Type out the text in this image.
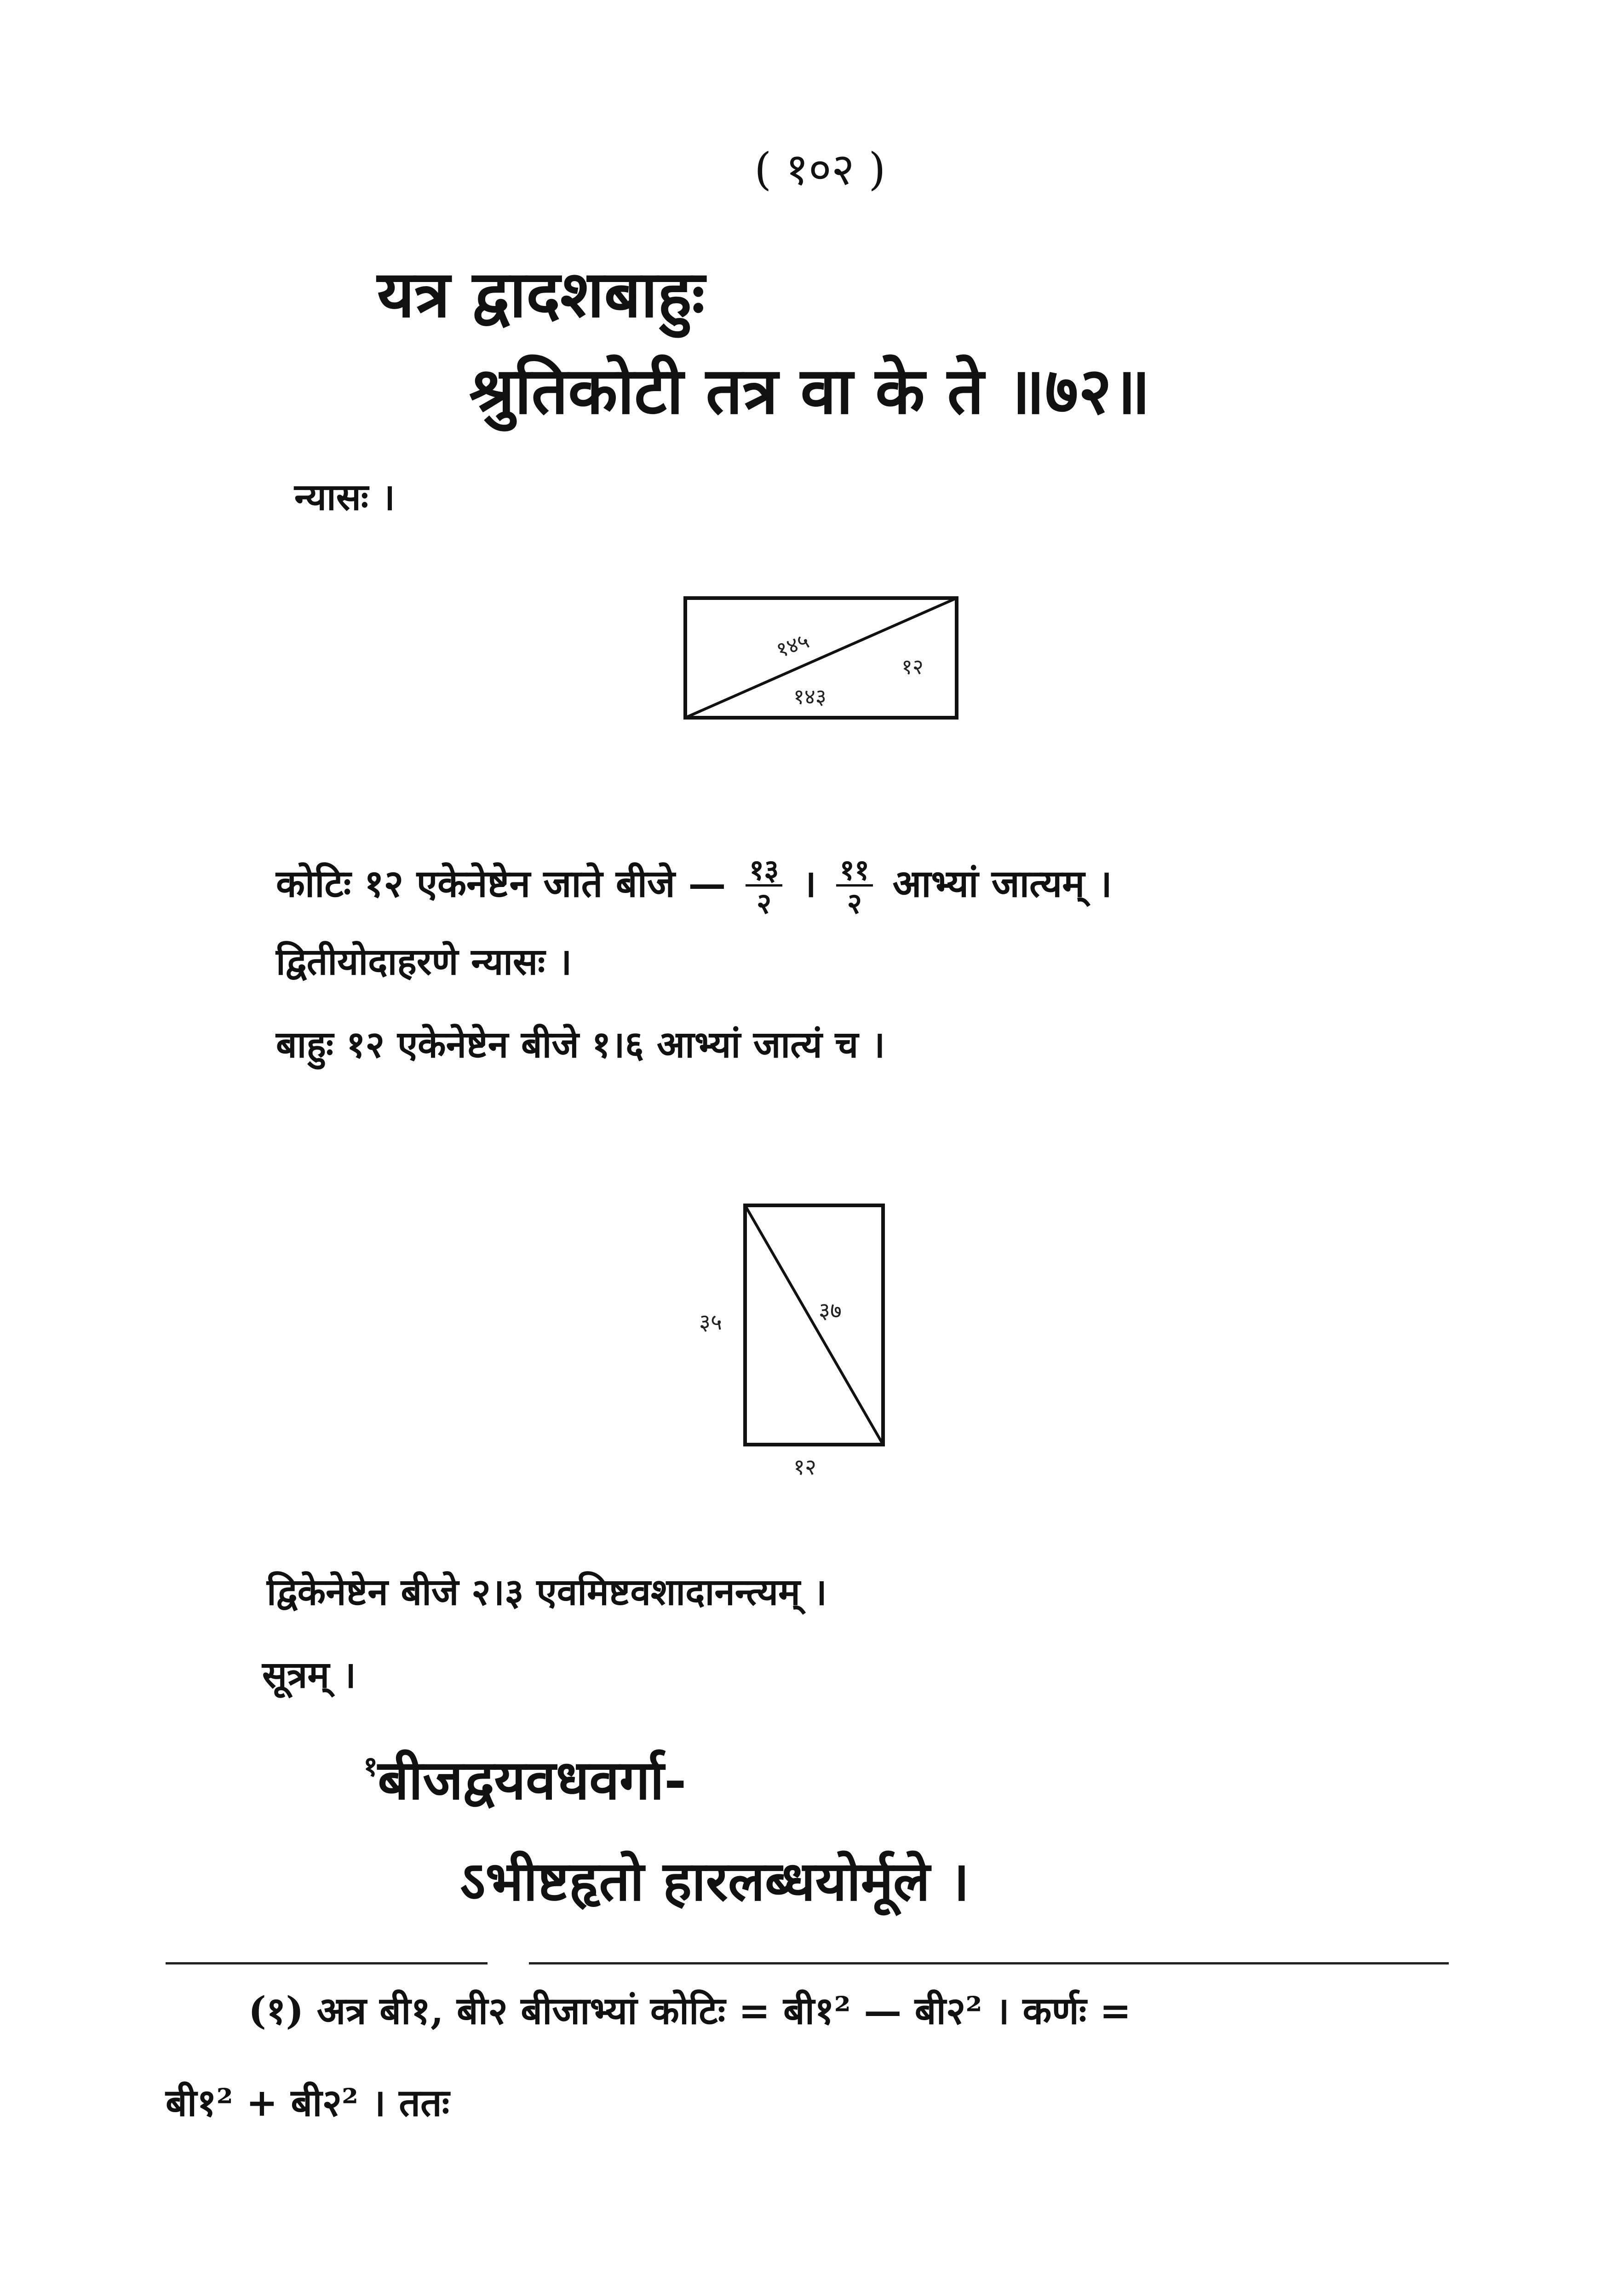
( १०२ )
यत्र द्वादशबाहुः
श्रुतिकोटी तत्र वा के ते ॥७२॥
न्यासः ।
१४५
१२
१४३
कोटिः १२ एकेनेष्टेन जाते बीजे — $\frac{१३}{२}$ । $\frac{११}{२}$ आभ्यां जात्यम् ।
द्वितीयोदाहरणे न्यासः ।
बाहुः १२ एकेनेष्टेन बीजे १।६ आभ्यां जात्यं च ।
३५	३७
१२
द्विकेनेष्टेन बीजे २।३ एवमिष्टवशादानन्त्यम् ।
सूत्रम् ।
$^१$बीजद्वयवधवर्गा-
ऽभीष्टहृतो हारलब्धयोर्मूले ।
(१) अत्र बी१, बी२ बीजाभ्यां कोटिः = बी१² — बी२² । कर्णः =
बी१² + बी२² । ततः
